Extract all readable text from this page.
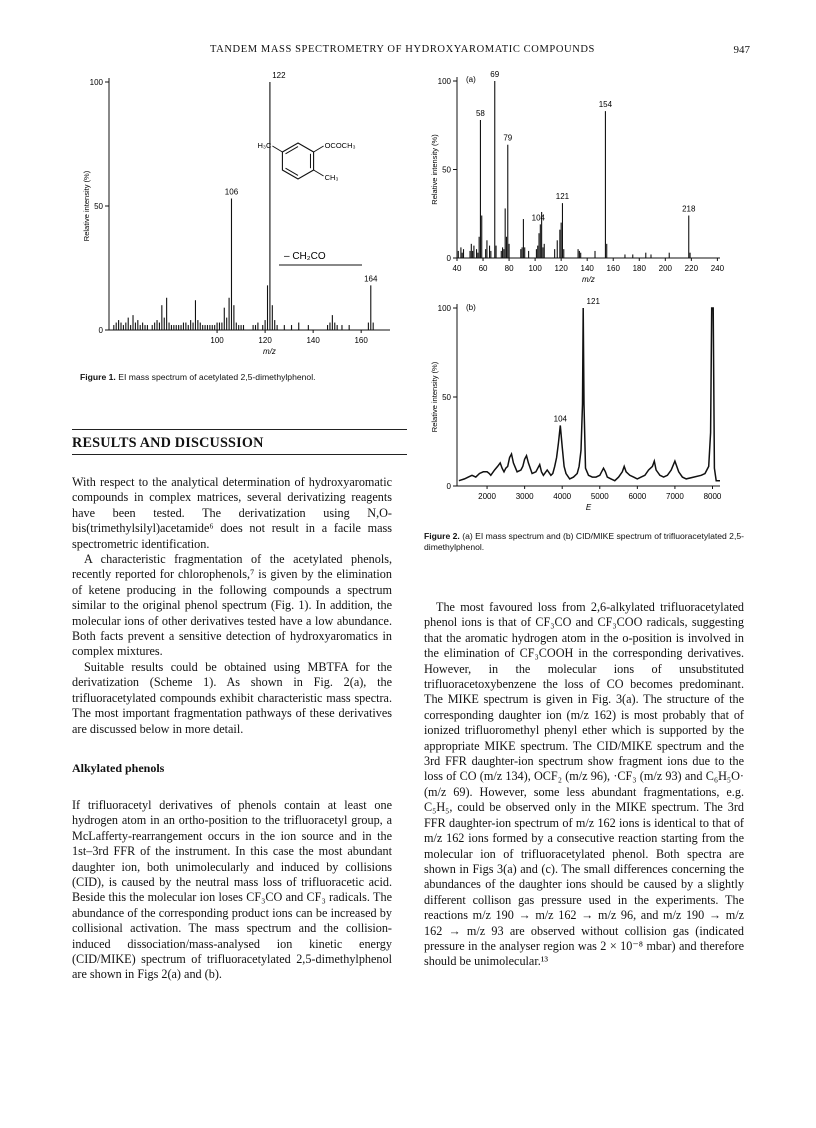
TANDEM MASS SPECTROMETRY OF HYDROXYAROMATIC COMPOUNDS	947
0
50
100
100	120	140	160
Relative intensity (%)
m/z
106
122
164
OCOCH₃
CH₃
H₃C
– CH₂CO
Figure 1. EI mass spectrum of acetylated 2,5-dimethylphenol.
0
50
100
40 60 80 100 120 140 160 180 200 220 240
Relative intensity (%)
m/z
58
69
79
104
121
154
218
(a)
0
50
100
2000 3000 4000 5000 6000 7000 8000
Relative intensity (%)
E
104
121
(b)
Figure 2. (a) EI mass spectrum and (b) CID/MIKE spectrum of trifluoracetylated 2,5-dimethylphenol.
RESULTS AND DISCUSSION

With respect to the analytical determination of hydroxyaromatic compounds in complex matrices, several derivatizing reagents have been tested. The derivatization using N,O-bis(trimethylsilyl)acetamide⁶ does not result in a facile mass spectrometric identification.

A characteristic fragmentation of the acetylated phenols, recently reported for chlorophenols,⁷ is given by the elimination of ketene producing in the following compounds a spectrum similar to the original phenol spectrum (Fig. 1). In addition, the molecular ions of other derivatives tested have a low abundance. Both facts prevent a sensitive detection of hydroxyaromatics in complex mixtures.

Suitable results could be obtained using MBTFA for the derivatization (Scheme 1). As shown in Fig. 2(a), the trifluoracetylated compounds exhibit characteristic mass spectra. The most important fragmentation pathways of these derivatives are discussed below in more detail.

Alkylated phenols

If trifluoracetyl derivatives of phenols contain at least one hydrogen atom in an ortho-position to the trifluoracetyl group, a McLafferty-rearrangement occurs in the ion source and in the 1st–3rd FFR of the instrument. In this case the most abundant daughter ion, both unimolecularly and induced by collisions (CID), is caused by the neutral mass loss of trifluoracetic acid. Beside this the molecular ion loses CF₃CO and CF₃ radicals. The abundance of the corresponding product ions can be increased by collisional activation. The mass spectrum and the collision-induced dissociation/mass-analysed ion kinetic energy (CID/MIKE) spectrum of trifluoracetylated 2,5-dimethylphenol are shown in Figs 2(a) and (b).

The most favoured loss from 2,6-alkylated trifluoracetylated phenol ions is that of CF₃CO and CF₃COO radicals, suggesting that the aromatic hydrogen atom in the o-position is involved in the elimination of CF₃COOH in the corresponding derivatives. However, in the molecular ions of unsubstituted trifluoracetoxybenzene the loss of CO becomes predominant. The MIKE spectrum is given in Fig. 3(a). The structure of the corresponding daughter ion (m/z 162) is most probably that of ionized trifluoromethyl phenyl ether which is supported by the appropriate MIKE spectrum. The CID/MIKE spectrum and the 3rd FFR daughter-ion spectrum show fragment ions due to the loss of CO (m/z 134), OCF₂ (m/z 96), ·CF₃ (m/z 93) and C₆H₅O· (m/z 69). However, some less abundant fragmentations, e.g. C₅H₅, could be observed only in the MIKE spectrum. The 3rd FFR daughter-ion spectrum of m/z 162 ions is identical to that of m/z 162 ions formed by a consecutive reaction starting from the molecular ion of trifluoracetylated phenol. Both spectra are shown in Figs 3(a) and (c). The small differences concerning the abundances of the daughter ions should be caused by a slightly different collison gas pressure used in the experiments. The reactions m/z 190 → m/z 162 → m/z 96, and m/z 190 → m/z 162 → m/z 93 are observed without collision gas (indicated pressure in the analyser region was 2 × 10⁻⁸ mbar) and therefore should be unimolecular.¹³
